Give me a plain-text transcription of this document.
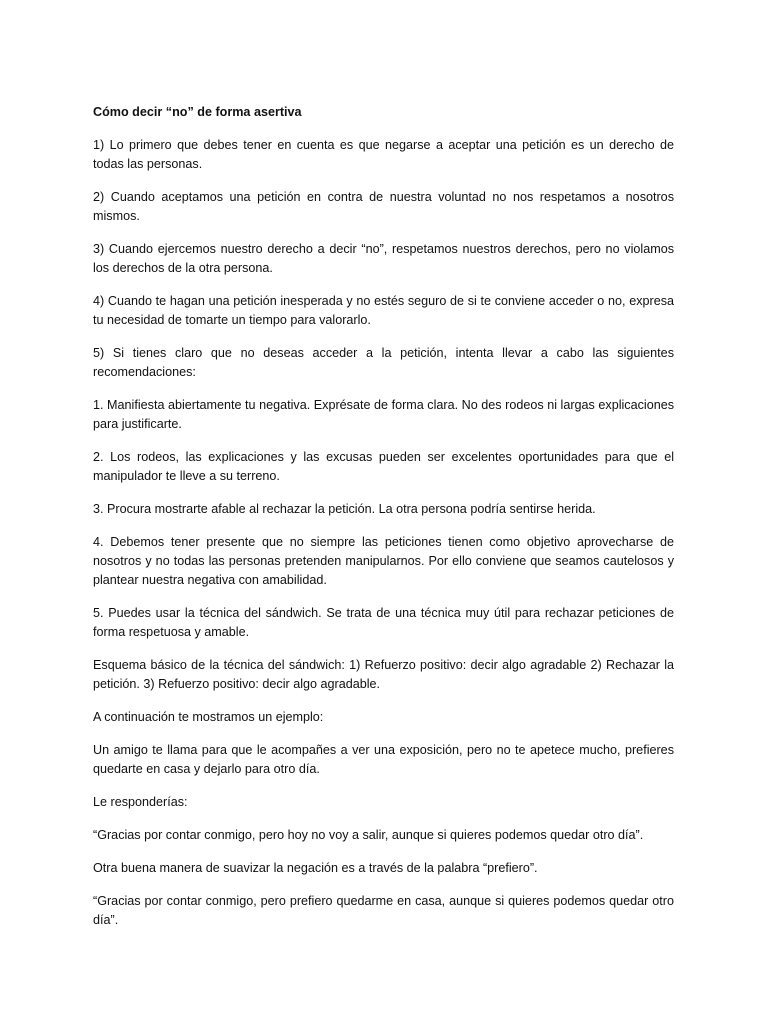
Cómo decir “no” de forma asertiva

1) Lo primero que debes tener en cuenta es que negarse a aceptar una petición es un derecho de todas las personas.

2) Cuando aceptamos una petición en contra de nuestra voluntad no nos respetamos a nosotros mismos.

3) Cuando ejercemos nuestro derecho a decir “no”, respetamos nuestros derechos, pero no violamos los derechos de la otra persona.

4) Cuando te hagan una petición inesperada y no estés seguro de si te conviene acceder o no, expresa tu necesidad de tomarte un tiempo para valorarlo.

5) Si tienes claro que no deseas acceder a la petición, intenta llevar a cabo las siguientes recomendaciones:

1. Manifiesta abiertamente tu negativa. Exprésate de forma clara. No des rodeos ni largas explicaciones para justificarte.

2. Los rodeos, las explicaciones y las excusas pueden ser excelentes oportunidades para que el manipulador te lleve a su terreno.

3. Procura mostrarte afable al rechazar la petición. La otra persona podría sentirse herida.

4. Debemos tener presente que no siempre las peticiones tienen como objetivo aprovecharse de nosotros y no todas las personas pretenden manipularnos. Por ello conviene que seamos cautelosos y plantear nuestra negativa con amabilidad.

5. Puedes usar la técnica del sándwich. Se trata de una técnica muy útil para rechazar peticiones de forma respetuosa y amable.

Esquema básico de la técnica del sándwich: 1) Refuerzo positivo: decir algo agradable 2) Rechazar la petición. 3) Refuerzo positivo: decir algo agradable.

A continuación te mostramos un ejemplo:

Un amigo te llama para que le acompañes a ver una exposición, pero no te apetece mucho, prefieres quedarte en casa y dejarlo para otro día.

Le responderías:

“Gracias por contar conmigo, pero hoy no voy a salir, aunque si quieres podemos quedar otro día”.

Otra buena manera de suavizar la negación es a través de la palabra “prefiero”.

“Gracias por contar conmigo, pero prefiero quedarme en casa, aunque si quieres podemos quedar otro día”.
